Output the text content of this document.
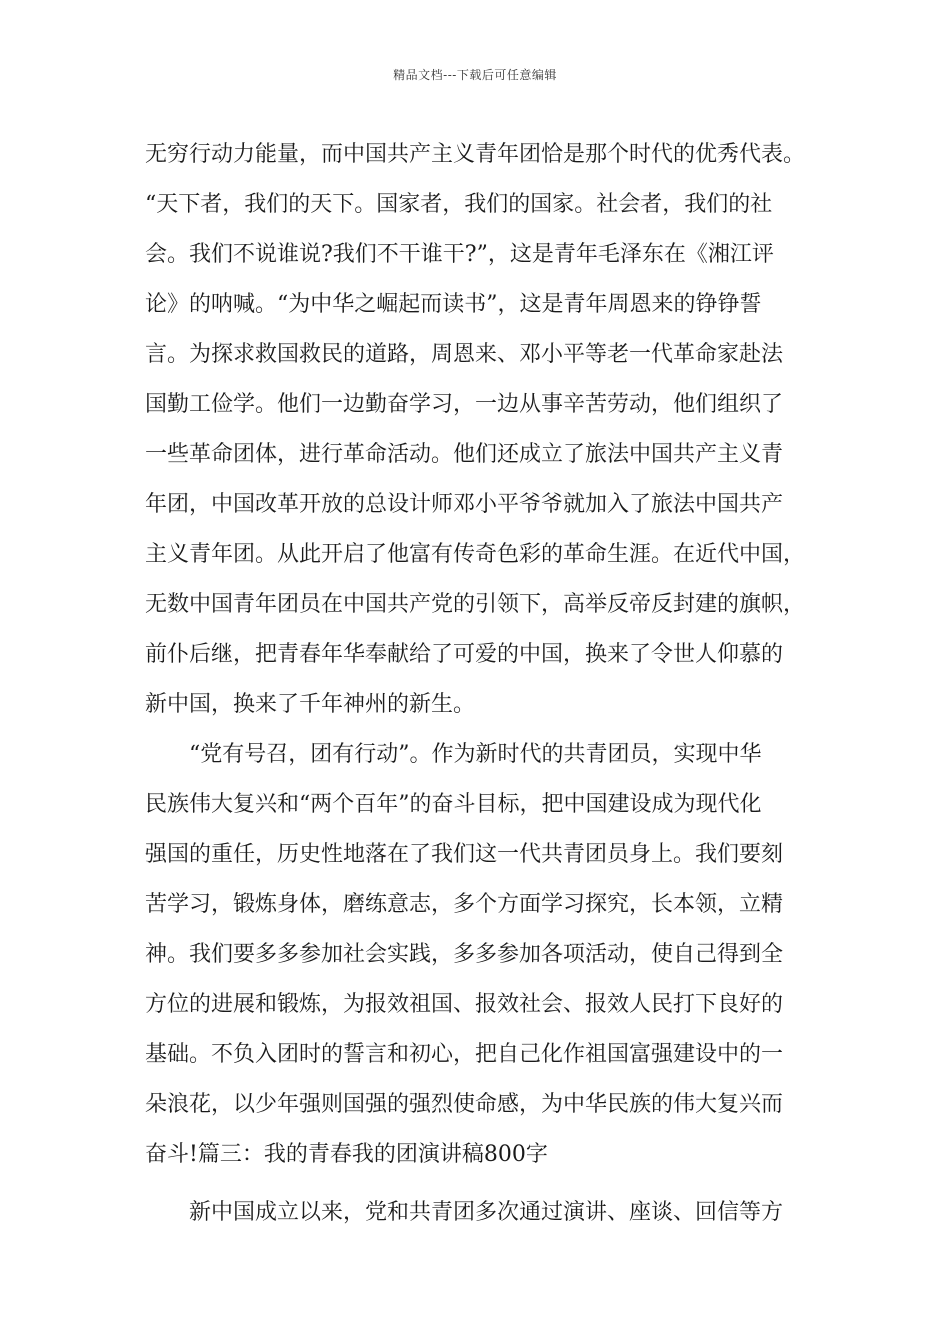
精品文档---下载后可任意编辑
无穷行动力能量，而中国共产主义青年团恰是那个时代的优秀代表。
“天下者，我们的天下。国家者，我们的国家。社会者，我们的社
会。我们不说谁说?我们不干谁干?”，这是青年毛泽东在《湘江评
论》的呐喊。“为中华之崛起而读书”，这是青年周恩来的铮铮誓
言。为探求救国救民的道路，周恩来、邓小平等老一代革命家赴法
国勤工俭学。他们一边勤奋学习，一边从事辛苦劳动，他们组织了
一些革命团体，进行革命活动。他们还成立了旅法中国共产主义青
年团，中国改革开放的总设计师邓小平爷爷就加入了旅法中国共产
主义青年团。从此开启了他富有传奇色彩的革命生涯。在近代中国，
无数中国青年团员在中国共产党的引领下，高举反帝反封建的旗帜，
前仆后继，把青春年华奉献给了可爱的中国，换来了令世人仰慕的
新中国，换来了千年神州的新生。
“党有号召，团有行动”。作为新时代的共青团员，实现中华
民族伟大复兴和“两个百年”的奋斗目标，把中国建设成为现代化
强国的重任，历史性地落在了我们这一代共青团员身上。我们要刻
苦学习，锻炼身体，磨练意志，多个方面学习探究，长本领，立精
神。我们要多多参加社会实践，多多参加各项活动，使自己得到全
方位的进展和锻炼，为报效祖国、报效社会、报效人民打下良好的
基础。不负入团时的誓言和初心，把自己化作祖国富强建设中的一
朵浪花，以少年强则国强的强烈使命感，为中华民族的伟大复兴而
奋斗!篇三：我的青春我的团演讲稿800字
新中国成立以来，党和共青团多次通过演讲、座谈、回信等方
